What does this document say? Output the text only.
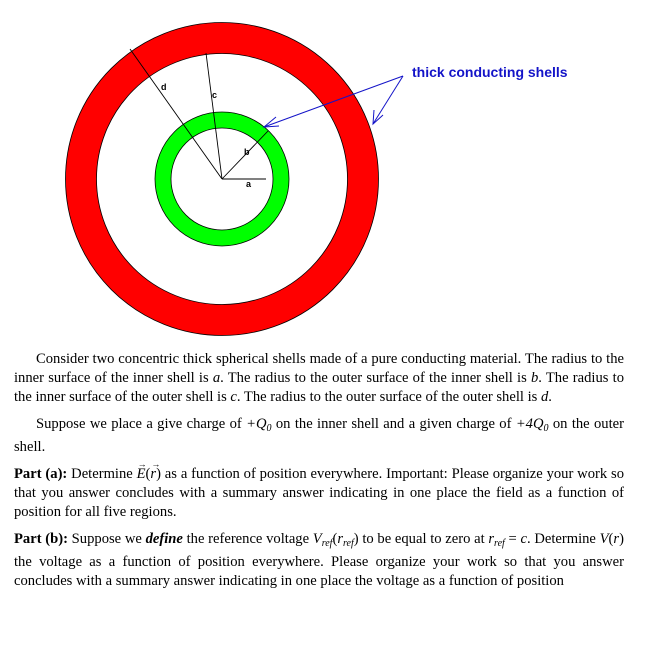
a
b
c
d
thick conducting shells

Consider two concentric thick spherical shells made of a pure conducting material. The radius to the inner surface of the inner shell is a. The radius to the outer surface of the inner shell is b. The radius to the inner surface of the outer shell is c. The radius to the outer surface of the outer shell is d.

Suppose we place a give charge of $+Q_0$ on the inner shell and a given charge of $+4Q_0$ on the outer shell.

Part (a): Determine → E(→ r) as a function of position everywhere. Important: Please organize your work so that you answer concludes with a summary answer indicating in one place the field as a function of position for all five regions.

Part (b): Suppose we define the reference voltage $V_{ref}(r_{ref})$ to be equal to zero at $r_{ref} = c$. Determine V(r) the voltage as a function of position everywhere. Please organize your work so that you answer concludes with a summary answer indicating in one place the voltage as a function of position
